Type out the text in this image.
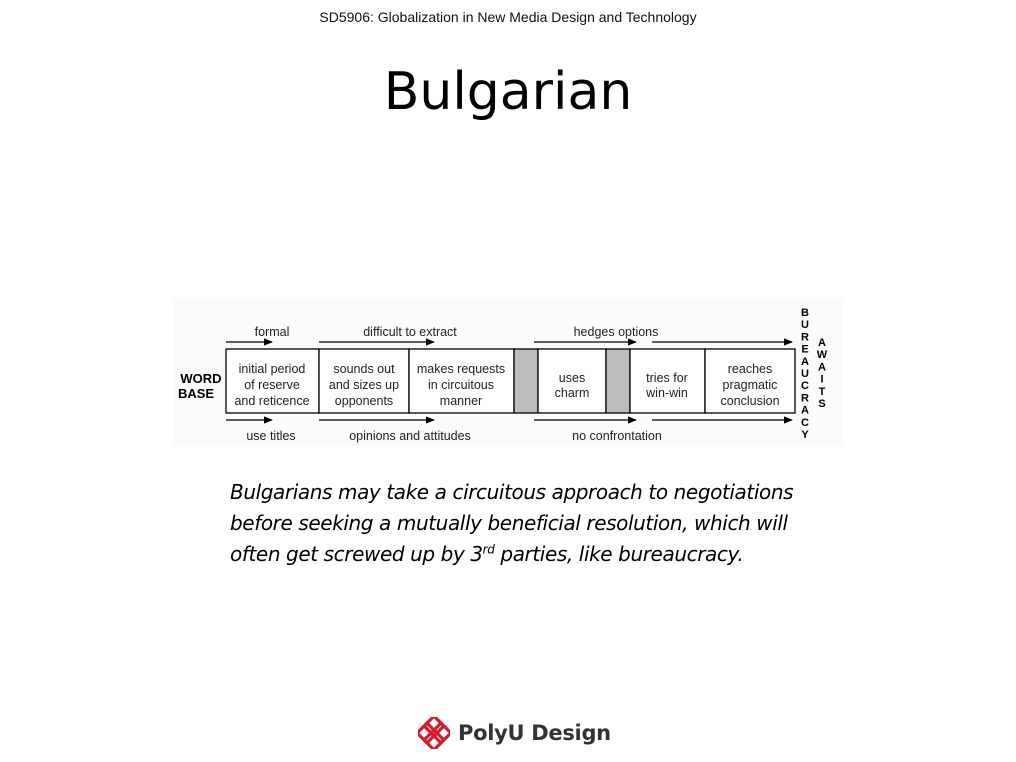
SD5906: Globalization in New Media Design and Technology
Bulgarian
WORD
BASE
initial period
of reserve
and reticence
sounds out
and sizes up
opponents
makes requests
in circuitous
manner
uses
charm
tries for
win-win
reaches
pragmatic
conclusion
formal	difficult to extract	hedges options
use titles	opinions and attitudes	no confrontation
B U R E A U C R A C Y
A W A I T S
Bulgarians may take a circuitous approach to negotiations
before seeking a mutually beneficial resolution, which will
often get screwed up by 3rd parties, like bureaucracy.
PolyU Design
